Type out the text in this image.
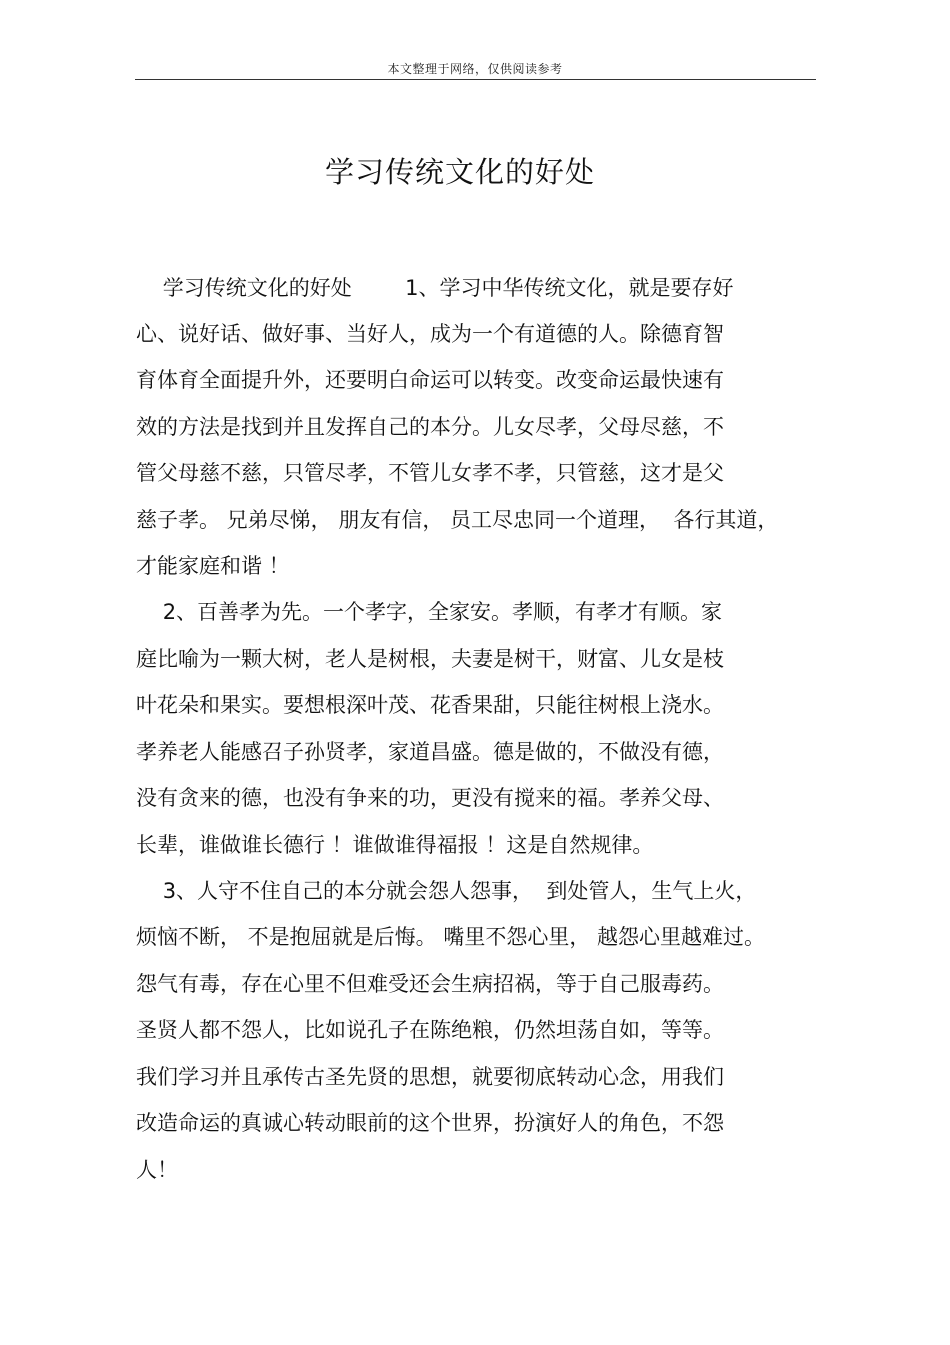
本文整理于网络，仅供阅读参考
学习传统文化的好处
学习传统文化的好处        1、学习中华传统文化，就是要存好
心、说好话、做好事、当好人，成为一个有道德的人。除德育智
育体育全面提升外，还要明白命运可以转变。改变命运最快速有
效的方法是找到并且发挥自己的本分。儿女尽孝，父母尽慈，不
管父母慈不慈，只管尽孝，不管儿女孝不孝，只管慈，这才是父
慈子孝。 兄弟尽悌， 朋友有信， 员工尽忠同一个道理，  各行其道，
才能家庭和谐 ！
2、百善孝为先。一个孝字，全家安。孝顺，有孝才有顺。家
庭比喻为一颗大树，老人是树根，夫妻是树干，财富、儿女是枝
叶花朵和果实。要想根深叶茂、花香果甜，只能往树根上浇水。
孝养老人能感召子孙贤孝，家道昌盛。德是做的，不做没有德，
没有贪来的德，也没有争来的功，更没有搅来的福。孝养父母、
长辈，谁做谁长德行 ！谁做谁得福报 ！这是自然规律。
3、人守不住自己的本分就会怨人怨事，  到处管人，生气上火，
烦恼不断， 不是抱屈就是后悔。 嘴里不怨心里， 越怨心里越难过。
怨气有毒，存在心里不但难受还会生病招祸，等于自己服毒药。
圣贤人都不怨人，比如说孔子在陈绝粮，仍然坦荡自如，等等。
我们学习并且承传古圣先贤的思想，就要彻底转动心念，用我们
改造命运的真诚心转动眼前的这个世界，扮演好人的角色，不怨
人！
